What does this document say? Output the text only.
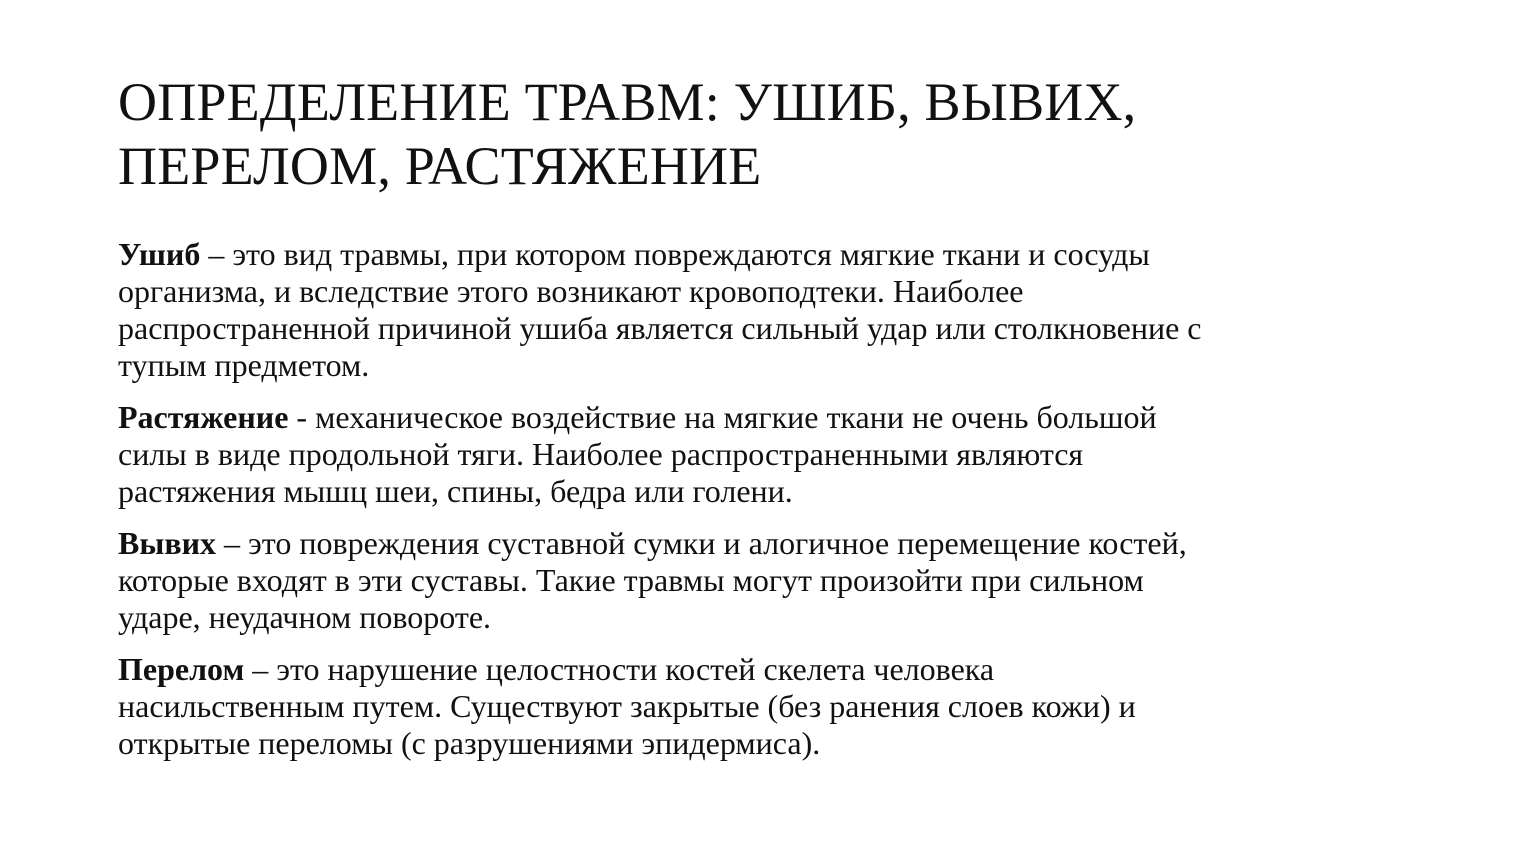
ОПРЕДЕЛЕНИЕ ТРАВМ: УШИБ, ВЫВИХ,
ПЕРЕЛОМ, РАСТЯЖЕНИЕ

Ушиб – это вид травмы, при котором повреждаются мягкие ткани и сосуды
организма, и вследствие этого возникают кровоподтеки. Наиболее
распространенной причиной ушиба является сильный удар или столкновение с
тупым предметом.

Растяжение - механическое воздействие на мягкие ткани не очень большой
силы в виде продольной тяги. Наиболее распространенными являются
растяжения мышц шеи, спины, бедра или голени.

Вывих – это повреждения суставной сумки и алогичное перемещение костей,
которые входят в эти суставы. Такие травмы могут произойти при сильном
ударе, неудачном повороте.

Перелом – это нарушение целостности костей скелета человека
насильственным путем. Существуют закрытые (без ранения слоев кожи) и
открытые переломы (с разрушениями эпидермиса).
